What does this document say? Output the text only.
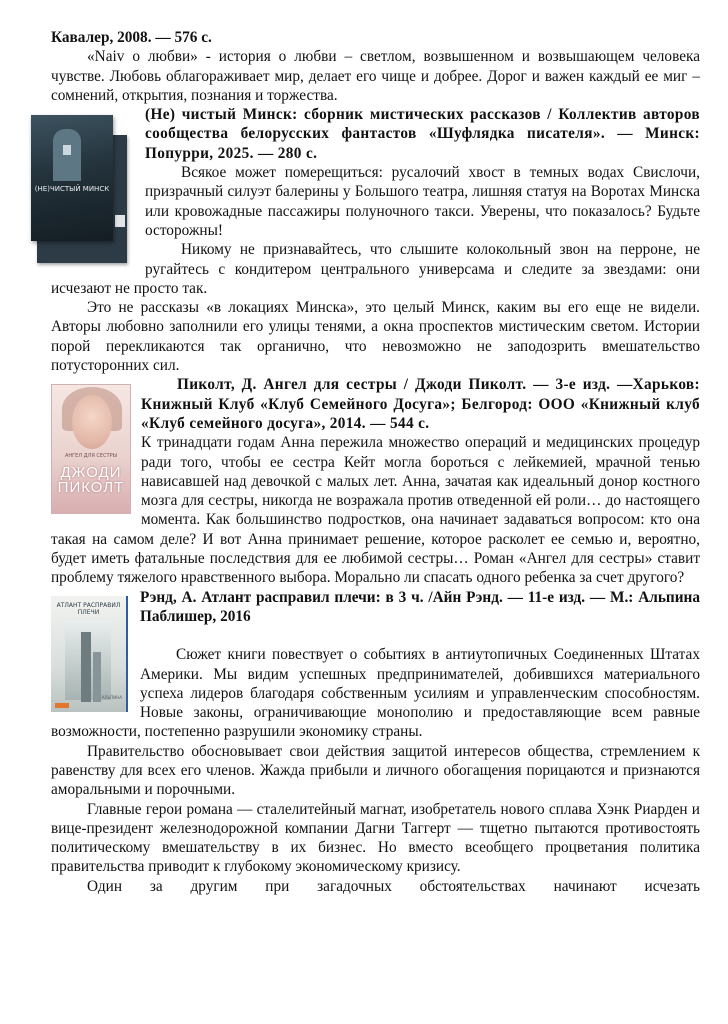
Кавалер, 2008. — 576 с.

«Naiv о любви» - история о любви – светлом, возвышенном и возвышающем человека чувстве. Любовь облагораживает мир, делает его чище и добрее. Дорог и важен каждый ее миг – сомнений, открытия, познания и торжества.

(НЕ)ЧИСТЫЙ МИНСК

(Не) чистый Минск: сборник мистических рассказов / Коллектив авторов сообщества белорусских фантастов «Шуфлядка писателя». — Минск: Попурри, 2025. — 280 с.

Всякое может померещиться: русалочий хвост в темных водах Свислочи, призрачный силуэт балерины у Большого театра, лишняя статуя на Воротах Минска или кровожадные пассажиры полуночного такси. Уверены, что показалось? Будьте осторожны!

Никому не признавайтесь, что слышите колокольный звон на перроне, не ругайтесь с кондитером центрального универсама и следите за звездами: они исчезают не просто так.

Это не рассказы «в локациях Минска», это целый Минск, каким вы его еще не видели. Авторы любовно заполнили его улицы тенями, а окна проспектов мистическим светом. Истории порой перекликаются так органично, что невозможно не заподозрить вмешательство потусторонних сил.

АНГЕЛ ДЛЯ СЕСТРЫ
ДЖОДИ ПИКОЛТ

Пиколт, Д. Ангел для сестры / Джоди Пиколт. — 3-е изд. —Харьков: Книжный Клуб «Клуб Семейного Досуга»; Белгород: ООО «Книжный клуб «Клуб семейного досуга», 2014. — 544 с.

К тринадцати годам Анна пережила множество операций и медицинских процедур ради того, чтобы ее сестра Кейт могла бороться с лейкемией, мрачной тенью нависавшей над девочкой с малых лет. Анна, зачатая как идеальный донор костного мозга для сестры, никогда не возражала против отведенной ей роли… до настоящего момента. Как большинство подростков, она начинает задаваться вопросом: кто она такая на самом деле? И вот Анна принимает решение, которое расколет ее семью и, вероятно, будет иметь фатальные последствия для ее любимой сестры… Роман «Ангел для сестры» ставит проблему тяжелого нравственного выбора. Морально ли спасать одного ребенка за счет другого?

АТЛАНТ РАСПРАВИЛ ПЛЕЧИ
АЛЬПИНА

Рэнд, А. Атлант расправил плечи: в 3 ч. /Айн Рэнд. — 11-е изд. — М.: Альпина Паблишер, 2016

Сюжет книги повествует о событиях в антиутопичных Соединенных Штатах Америки. Мы видим успешных предпринимателей, добившихся материального успеха лидеров благодаря собственным усилиям и управленческим способностям. Новые законы, ограничивающие монополию и предоставляющие всем равные возможности, постепенно разрушили экономику страны.

Правительство обосновывает свои действия защитой интересов общества, стремлением к равенству для всех его членов. Жажда прибыли и личного обогащения порицаются и признаются аморальными и порочными.

Главные герои романа — сталелитейный магнат, изобретатель нового сплава Хэнк Риарден и вице-президент железнодорожной компании Дагни Таггерт — тщетно пытаются противостоять политическому вмешательству в их бизнес. Но вместо всеобщего процветания политика правительства приводит к глубокому экономическому кризису.

Один за другим при загадочных обстоятельствах начинают исчезать
